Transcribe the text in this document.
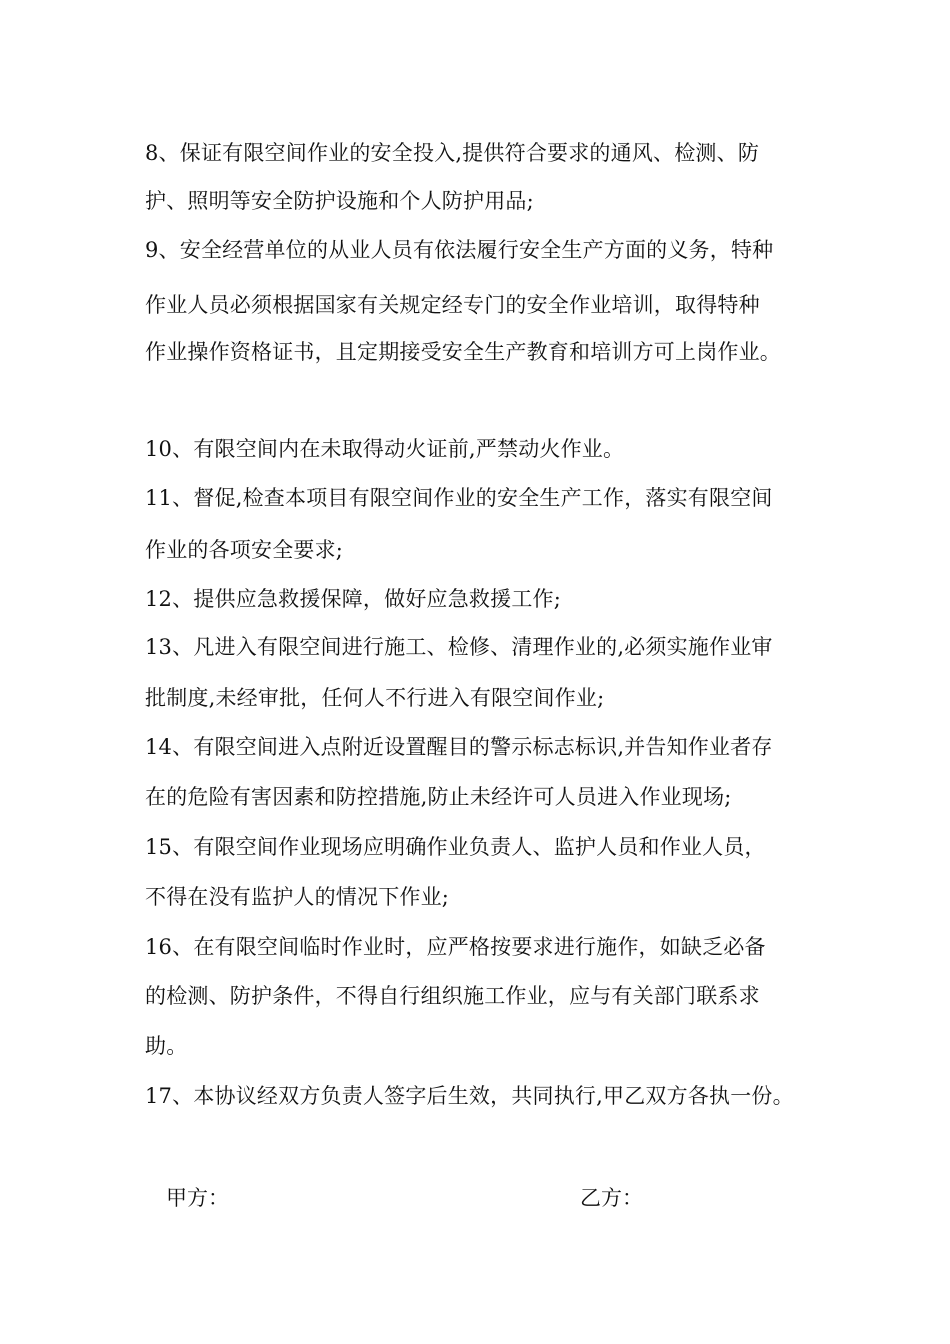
8、保证有限空间作业的安全投入,提供符合要求的通风、检测、防
护、照明等安全防护设施和个人防护用品;
9、安全经营单位的从业人员有依法履行安全生产方面的义务，特种
作业人员必须根据国家有关规定经专门的安全作业培训，取得特种
作业操作资格证书，且定期接受安全生产教育和培训方可上岗作业。
10、有限空间内在未取得动火证前,严禁动火作业。
11、督促,检查本项目有限空间作业的安全生产工作，落实有限空间
作业的各项安全要求;
12、提供应急救援保障，做好应急救援工作;
13、凡进入有限空间进行施工、检修、清理作业的,必须实施作业审
批制度,未经审批，任何人不行进入有限空间作业;
14、有限空间进入点附近设置醒目的警示标志标识,并告知作业者存
在的危险有害因素和防控措施,防止未经许可人员进入作业现场;
15、有限空间作业现场应明确作业负责人、监护人员和作业人员，
不得在没有监护人的情况下作业;
16、在有限空间临时作业时，应严格按要求进行施作，如缺乏必备
的检测、防护条件，不得自行组织施工作业，应与有关部门联系求
助。
17、本协议经双方负责人签字后生效，共同执行,甲乙双方各执一份。
甲方：	乙方：
